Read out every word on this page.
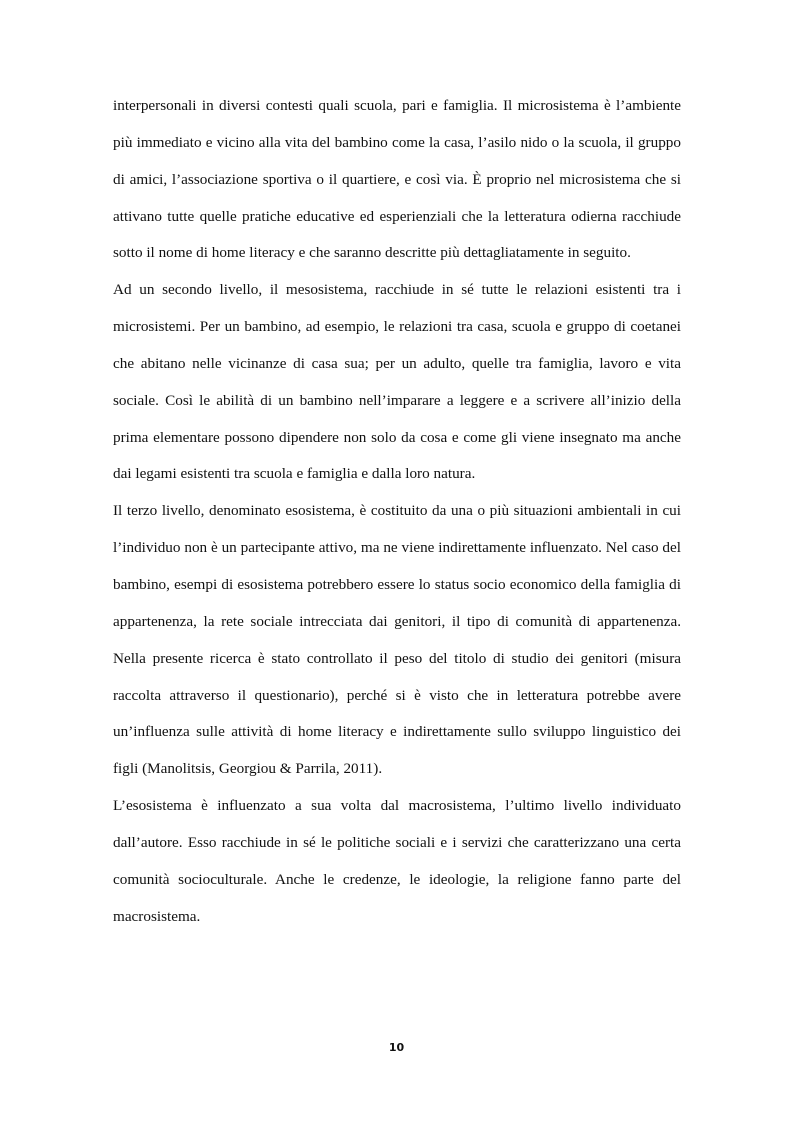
interpersonali in diversi contesti quali scuola, pari e famiglia. Il microsistema è l’ambiente più immediato e vicino alla vita del bambino come la casa, l’asilo nido o la scuola, il gruppo di amici, l’associazione sportiva o il quartiere, e così via. È proprio nel microsistema che si attivano tutte quelle pratiche educative ed esperienziali che la letteratura odierna racchiude sotto il nome di home literacy e che saranno descritte più dettagliatamente in seguito.

Ad un secondo livello, il mesosistema, racchiude in sé tutte le relazioni esistenti tra i microsistemi. Per un bambino, ad esempio, le relazioni tra casa, scuola e gruppo di coetanei che abitano nelle vicinanze di casa sua; per un adulto, quelle tra famiglia, lavoro e vita sociale. Così le abilità di un bambino nell’imparare a leggere e a scrivere all’inizio della prima elementare possono dipendere non solo da cosa e come gli viene insegnato ma anche dai legami esistenti tra scuola e famiglia e dalla loro natura.

Il terzo livello, denominato esosistema, è costituito da una o più situazioni ambientali in cui l’individuo non è un partecipante attivo, ma ne viene indirettamente influenzato. Nel caso del bambino, esempi di esosistema potrebbero essere lo status socio economico della famiglia di appartenenza, la rete sociale intrecciata dai genitori, il tipo di comunità di appartenenza. Nella presente ricerca è stato controllato il peso del titolo di studio dei genitori (misura raccolta attraverso il questionario), perché si è visto che in letteratura potrebbe avere un’influenza sulle attività di home literacy e indirettamente sullo sviluppo linguistico dei figli (Manolitsis, Georgiou & Parrila, 2011).

L’esosistema è influenzato a sua volta dal macrosistema, l’ultimo livello individuato dall’autore. Esso racchiude in sé le politiche sociali e i servizi che caratterizzano una certa comunità socioculturale. Anche le credenze, le ideologie, la religione fanno parte del macrosistema.

10
